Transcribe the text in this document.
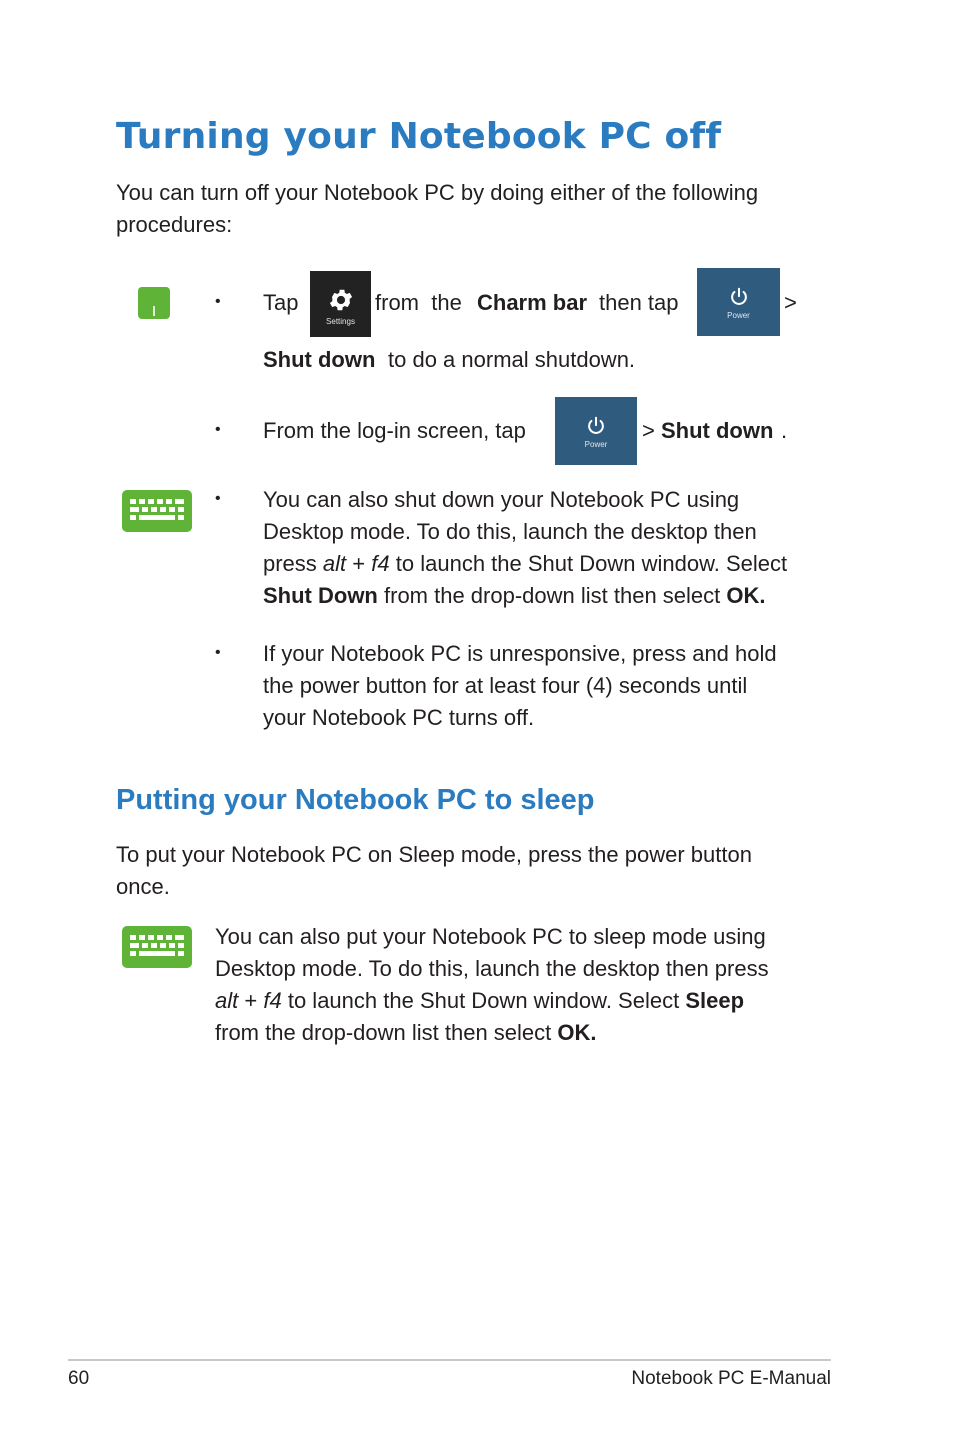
Turning your Notebook PC off

You can turn off your Notebook PC by doing either of the following procedures:

• Tap
Settings
from  the Charm bar then tap
Power
>
Shut down to do a normal shutdown.
• From the log-in screen, tap
Power
> Shut down .
• You can also shut down your Notebook PC using
Desktop mode. To do this, launch the desktop then
press alt + f4 to launch the Shut Down window. Select
Shut Down from the drop-down list then select OK.
• If your Notebook PC is unresponsive, press and hold
the power button for at least four (4) seconds until
your Notebook PC turns off.
Putting your Notebook PC to sleep
To put your Notebook PC on Sleep mode, press the power button
once.
You can also put your Notebook PC to sleep mode using
Desktop mode. To do this, launch the desktop then press
alt + f4 to launch the Shut Down window. Select Sleep
from the drop-down list then select OK.
60	Notebook PC E-Manual
